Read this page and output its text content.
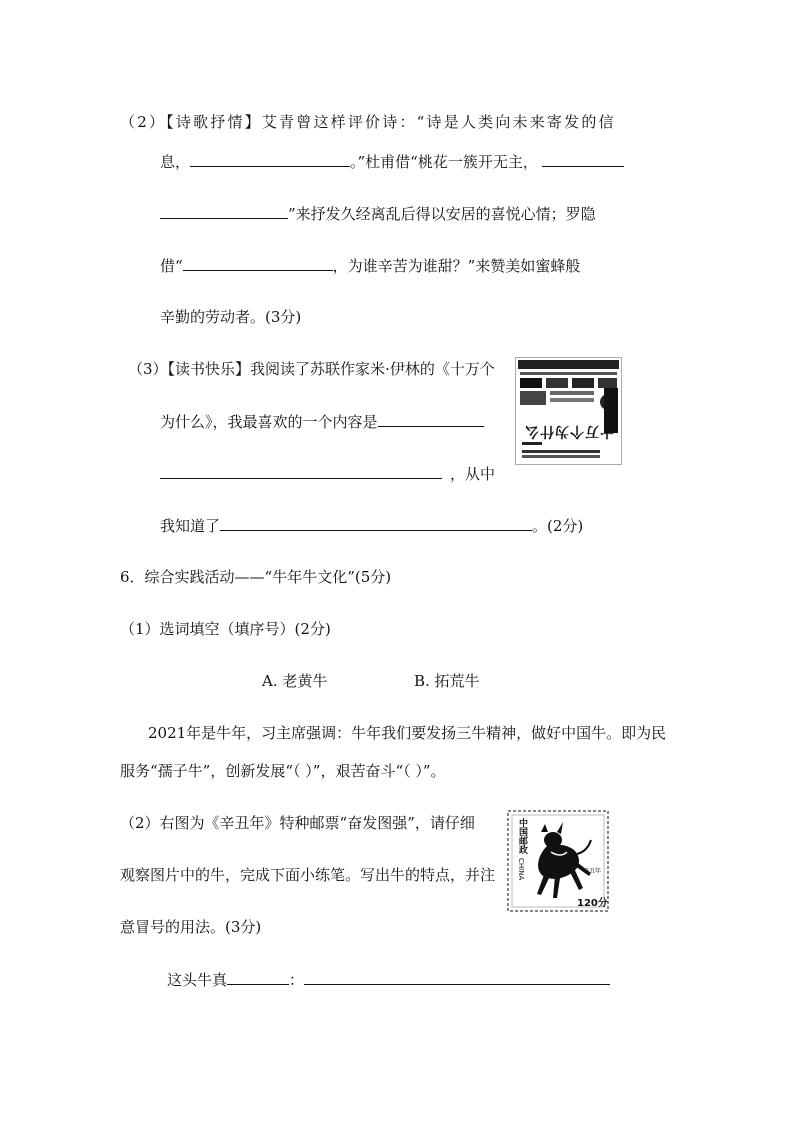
（2）【诗歌抒情】艾青曾这样评价诗：“诗是人类向未来寄发的信
息，	。”杜甫借“桃花一簇开无主，
”来抒发久经离乱后得以安居的喜悦心情；罗隐
借“	，为谁辛苦为谁甜？”来赞美如蜜蜂般
辛勤的劳动者。(3分)
（3）【读书快乐】我阅读了苏联作家米·伊林的《十万个
十万个为什么
为什么》，我最喜欢的一个内容是
，从中
我知道了	。(2分)
6．综合实践活动——“牛年牛文化”(5分)
（1）选词填空（填序号）(2分)
A. 老黄牛	B. 拓荒牛
2021年是牛年，习主席强调：牛年我们要发扬三牛精神，做好中国牛。即为民
服务“孺子牛”，创新发展“（ ）”，艰苦奋斗“（ ）”。
（2）右图为《辛丑年》特种邮票“奋发图强”，请仔细
观察图片中的牛，完成下面小练笔。写出牛的特点，并注
意冒号的用法。(3分)
中国邮政
CHINA	辛丑年
120分
这头牛真	：
